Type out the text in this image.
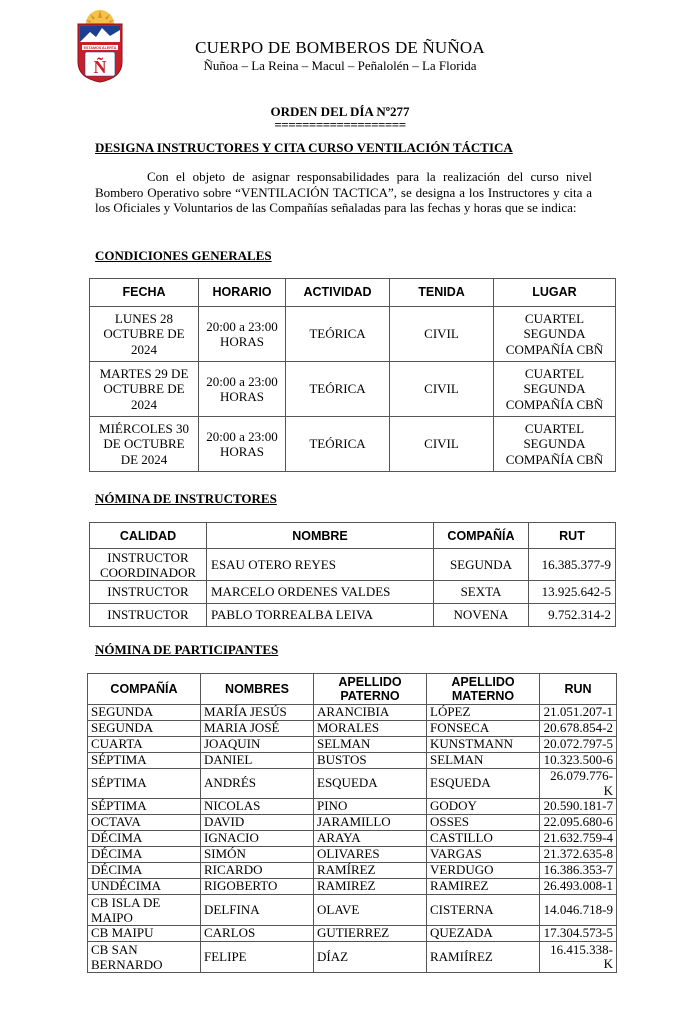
ESTAMOS ALERTA
Ñ
CUERPO DE BOMBEROS DE ÑUÑOA
Ñuñoa – La Reina – Macul – Peñalolén – La Florida
ORDEN DEL DÍA Nº277
===================
DESIGNA INSTRUCTORES Y CITA CURSO VENTILACIÓN TÁCTICA
Con el objeto de asignar responsabilidades para la realización del curso nivel Bombero Operativo sobre “VENTILACIÓN TACTICA”, se designa a los Instructores y cita a los Oficiales y Voluntarios de las Compañías señaladas para las fechas y horas que se indica:
CONDICIONES GENERALES
FECHA	HORARIO	ACTIVIDAD	TENIDA	LUGAR
LUNES 28 OCTUBRE DE 2024	20:00 a 23:00 HORAS	TEÓRICA	CIVIL	CUARTEL SEGUNDA COMPAÑÍA CBÑ
MARTES 29 DE OCTUBRE DE 2024	20:00 a 23:00 HORAS	TEÓRICA	CIVIL	CUARTEL SEGUNDA COMPAÑÍA CBÑ
MIÉRCOLES 30 DE OCTUBRE DE 2024	20:00 a 23:00 HORAS	TEÓRICA	CIVIL	CUARTEL SEGUNDA COMPAÑÍA CBÑ
NÓMINA DE INSTRUCTORES
CALIDAD	NOMBRE	COMPAÑÍA	RUT
INSTRUCTOR COORDINADOR	ESAU OTERO REYES	SEGUNDA	16.385.377-9
INSTRUCTOR	MARCELO ORDENES VALDES	SEXTA	13.925.642-5
INSTRUCTOR	PABLO TORREALBA LEIVA	NOVENA	9.752.314-2
NÓMINA DE PARTICIPANTES
COMPAÑÍA	NOMBRES	APELLIDO PATERNO	APELLIDO MATERNO	RUN
SEGUNDA	MARÍA JESÚS	ARANCIBIA	LÓPEZ	21.051.207-1
SEGUNDA	MARIA JOSÉ	MORALES	FONSECA	20.678.854-2
CUARTA	JOAQUIN	SELMAN	KUNSTMANN	20.072.797-5
SÉPTIMA	DANIEL	BUSTOS	SELMAN	10.323.500-6
SÉPTIMA	ANDRÉS	ESQUEDA	ESQUEDA	26.079.776-K
SÉPTIMA	NICOLAS	PINO	GODOY	20.590.181-7
OCTAVA	DAVID	JARAMILLO	OSSES	22.095.680-6
DÉCIMA	IGNACIO	ARAYA	CASTILLO	21.632.759-4
DÉCIMA	SIMÓN	OLIVARES	VARGAS	21.372.635-8
DÉCIMA	RICARDO	RAMÍREZ	VERDUGO	16.386.353-7
UNDÉCIMA	RIGOBERTO	RAMIREZ	RAMIREZ	26.493.008-1
CB ISLA DE MAIPO	DELFINA	OLAVE	CISTERNA	14.046.718-9
CB MAIPU	CARLOS	GUTIERREZ	QUEZADA	17.304.573-5
CB SAN BERNARDO	FELIPE	DÍAZ	RAMIÍREZ	16.415.338-K
